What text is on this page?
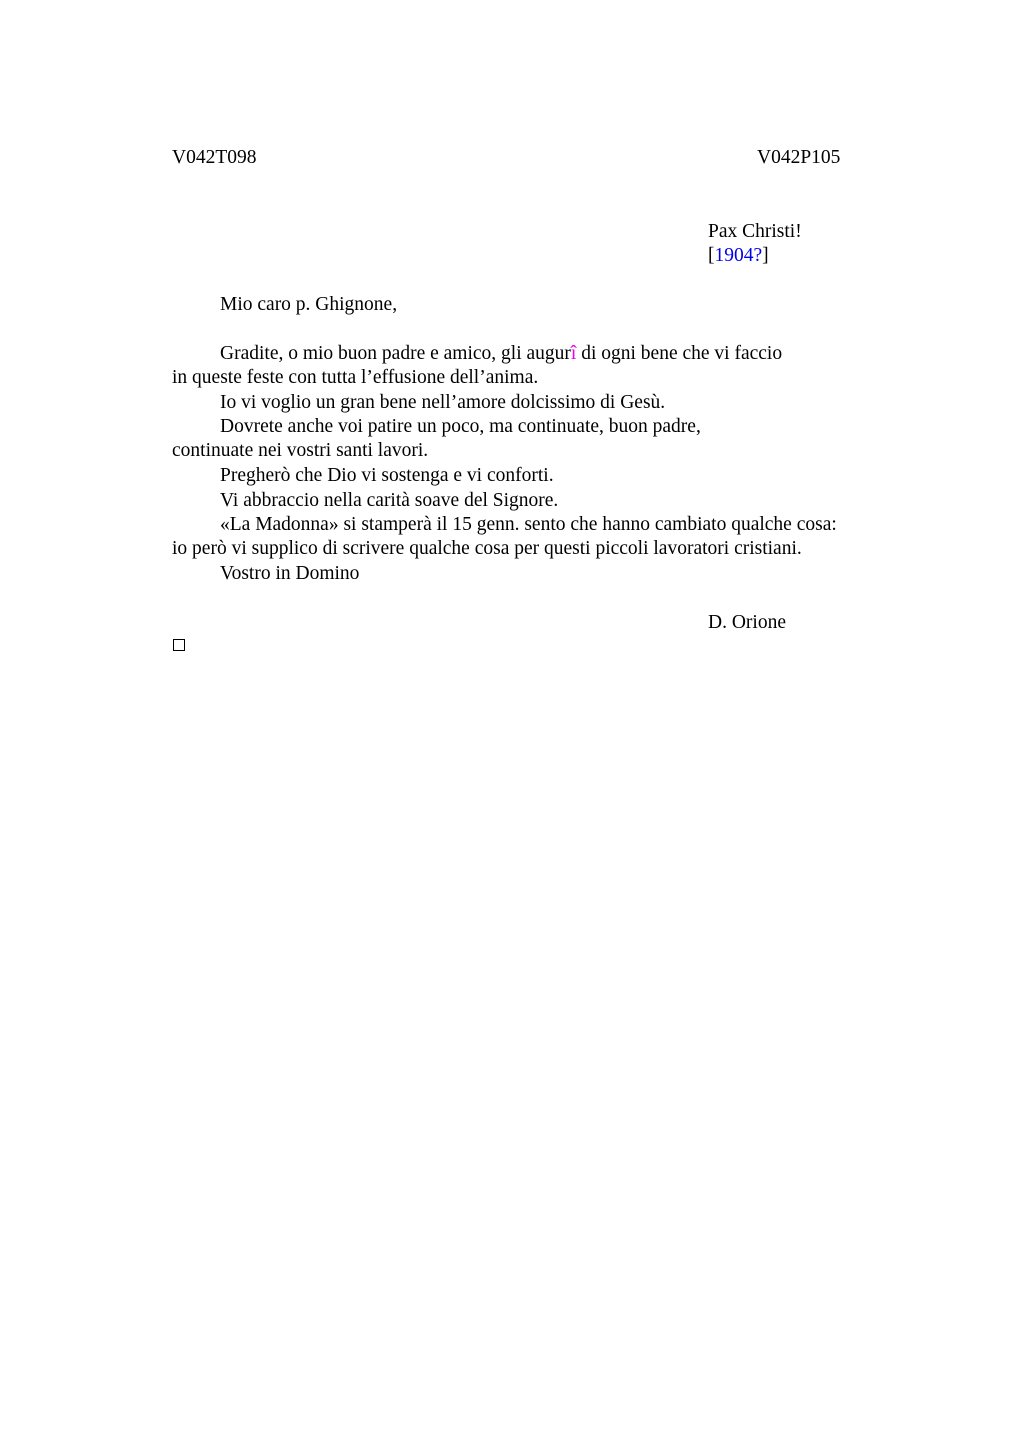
V042T098	V042P105
Pax Christi!
[1904?]
Mio caro p. Ghignone,
Gradite, o mio buon padre e amico, gli augurî di ogni bene che vi faccio
in queste feste con tutta l’effusione dell’anima.
Io vi voglio un gran bene nell’amore dolcissimo di Gesù.
Dovrete anche voi patire un poco, ma continuate, buon padre,
continuate nei vostri santi lavori.
Pregherò che Dio vi sostenga e vi conforti.
Vi abbraccio nella carità soave del Signore.
«La Madonna» si stamperà il 15 genn. sento che hanno cambiato qualche cosa:
io però vi supplico di scrivere qualche cosa per questi piccoli lavoratori cristiani.
Vostro in Domino
D. Orione
